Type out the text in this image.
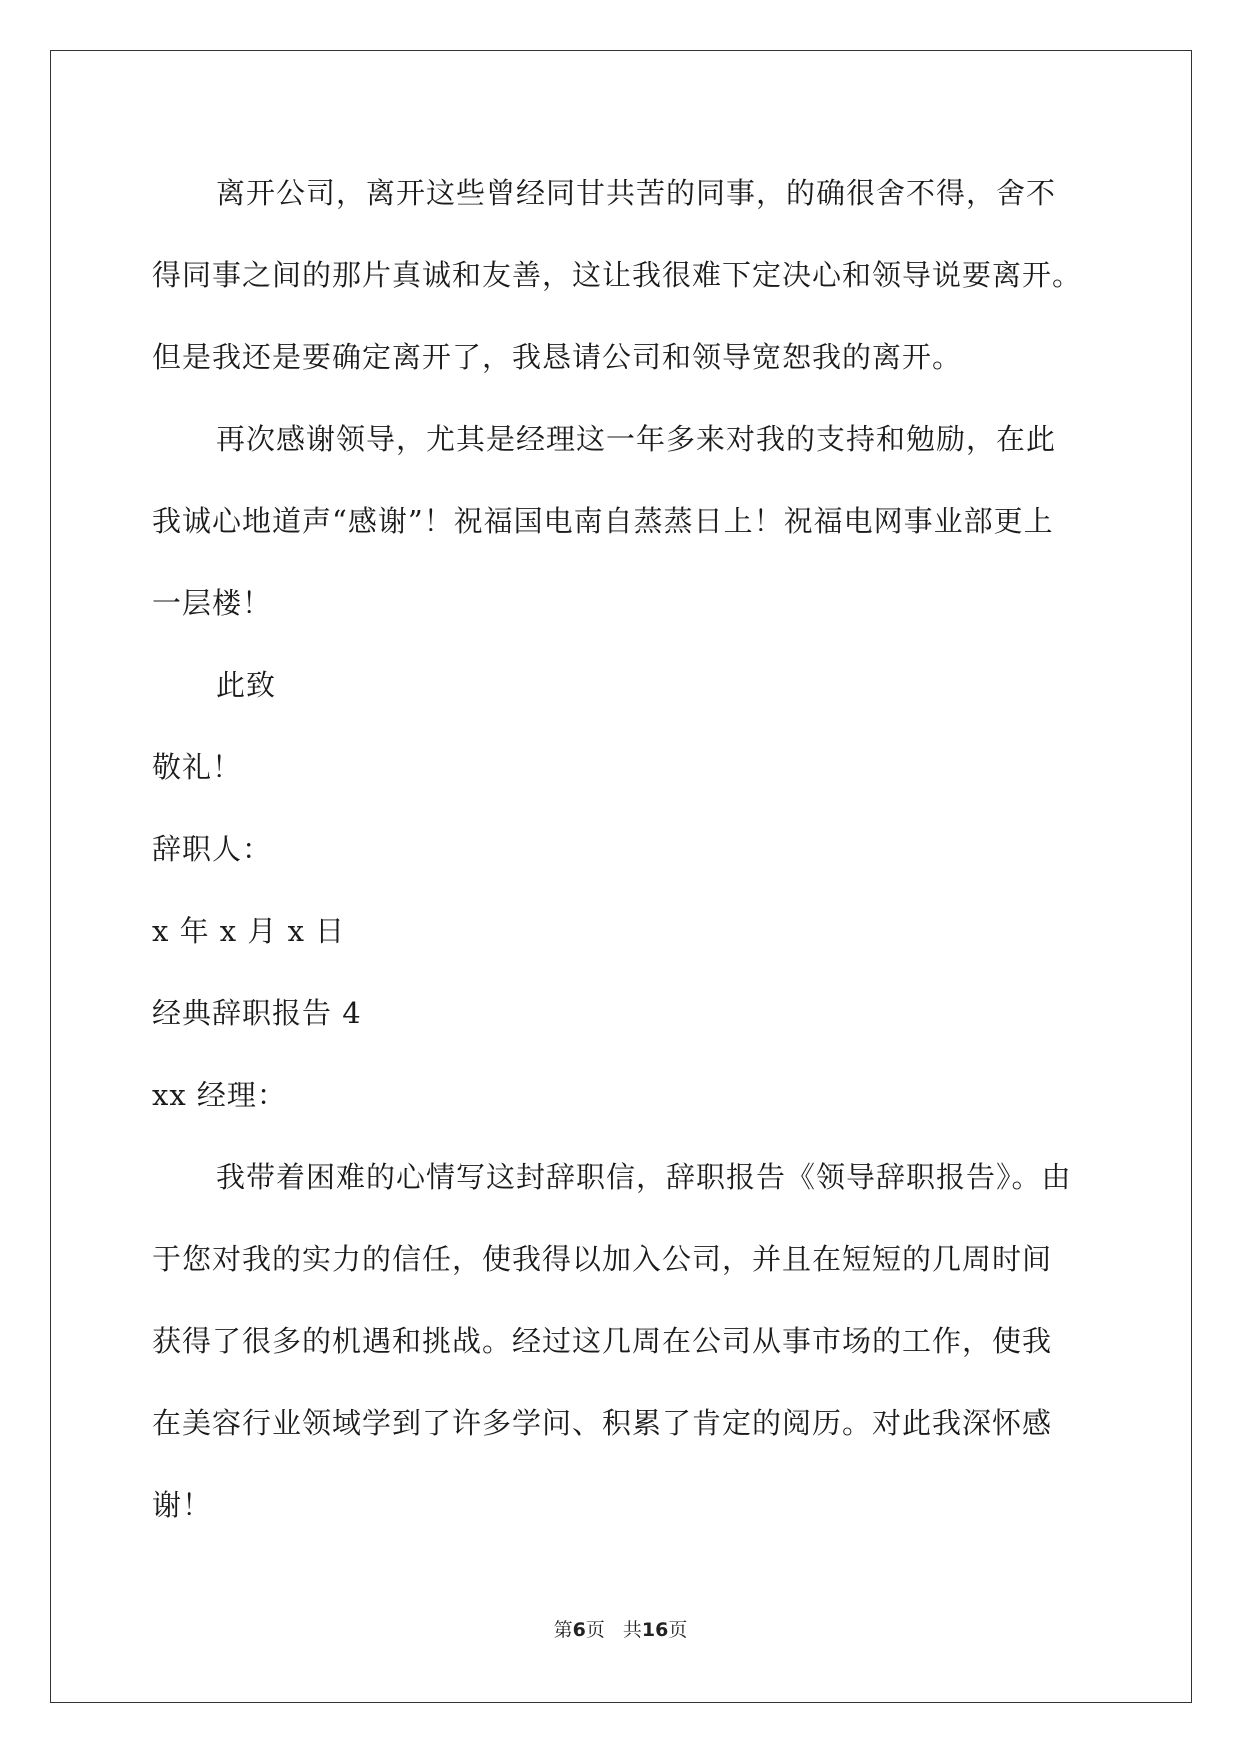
离开公司，离开这些曾经同甘共苦的同事，的确很舍不得，舍不
得同事之间的那片真诚和友善，这让我很难下定决心和领导说要离开。
但是我还是要确定离开了，我恳请公司和领导宽恕我的离开。
再次感谢领导，尤其是经理这一年多来对我的支持和勉励，在此
我诚心地道声“感谢”！祝福国电南自蒸蒸日上！祝福电网事业部更上
一层楼！
此致
敬礼！
辞职人：
x 年 x 月 x 日
经典辞职报告 4
xx 经理：
我带着困难的心情写这封辞职信，辞职报告《领导辞职报告》。由
于您对我的实力的信任，使我得以加入公司，并且在短短的几周时间
获得了很多的机遇和挑战。经过这几周在公司从事市场的工作，使我
在美容行业领域学到了许多学问、积累了肯定的阅历。对此我深怀感
谢！
第6页 共16页
